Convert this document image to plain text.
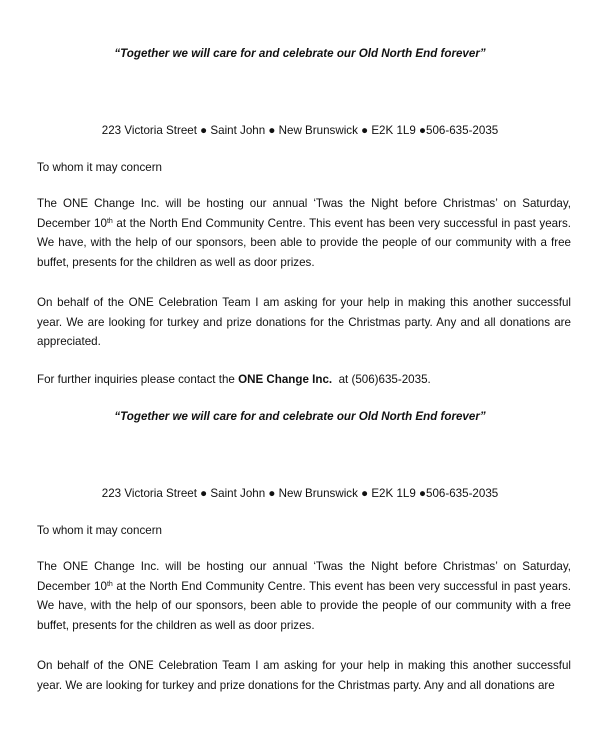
“Together we will care for and celebrate our Old North End forever”
223 Victoria Street ● Saint John ● New Brunswick ● E2K 1L9 ●506-635-2035
To whom it may concern
The ONE Change Inc. will be hosting our annual ‘Twas the Night before Christmas’ on Saturday, December 10th at the North End Community Centre. This event has been very successful in past years. We have, with the help of our sponsors, been able to provide the people of our community with a free buffet, presents for the children as well as door prizes.
On behalf of the ONE Celebration Team I am asking for your help in making this another successful year. We are looking for turkey and prize donations for the Christmas party. Any and all donations are appreciated.
For further inquiries please contact the ONE Change Inc.  at (506)635-2035.
“Together we will care for and celebrate our Old North End forever”
223 Victoria Street ● Saint John ● New Brunswick ● E2K 1L9 ●506-635-2035
To whom it may concern
The ONE Change Inc. will be hosting our annual ‘Twas the Night before Christmas’ on Saturday, December 10th at the North End Community Centre. This event has been very successful in past years. We have, with the help of our sponsors, been able to provide the people of our community with a free buffet, presents for the children as well as door prizes.
On behalf of the ONE Celebration Team I am asking for your help in making this another successful year. We are looking for turkey and prize donations for the Christmas party. Any and all donations are
